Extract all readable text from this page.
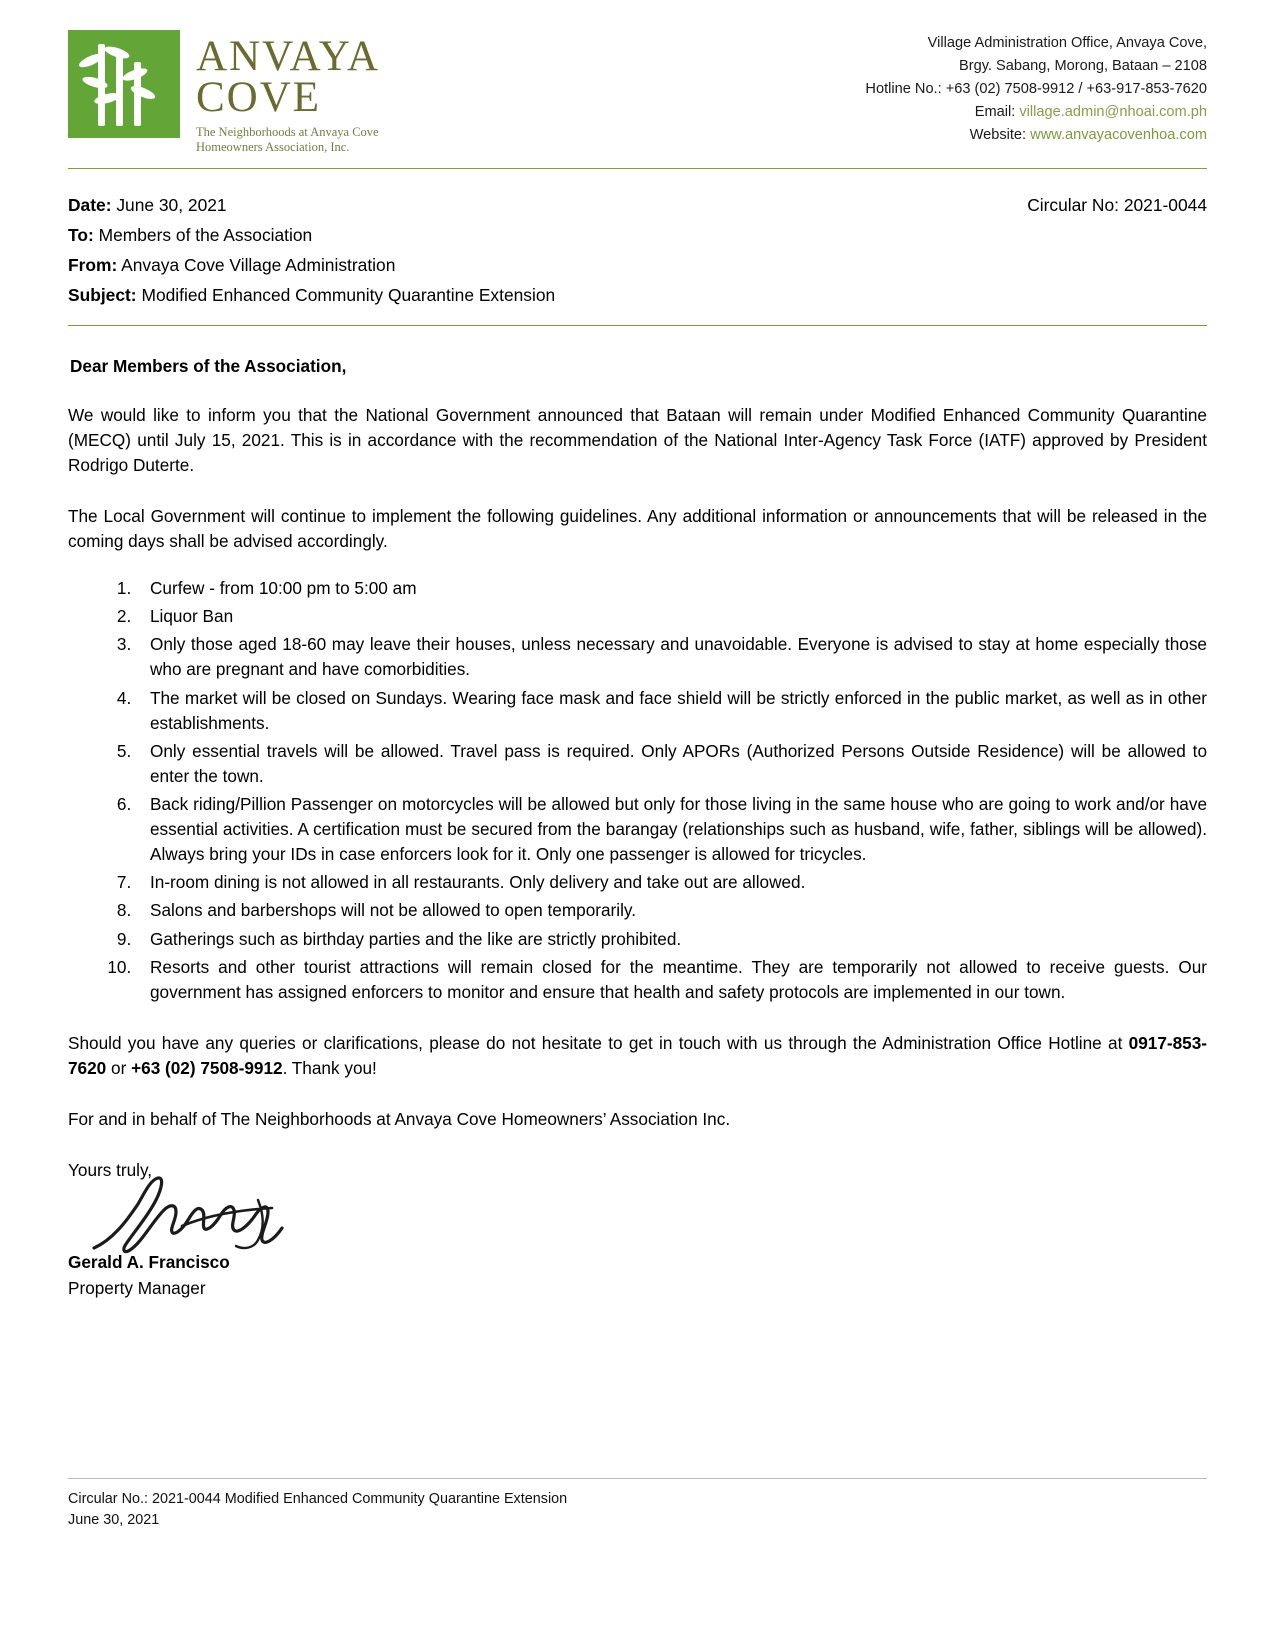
ANVAYA
COVE
The Neighborhoods at Anvaya Cove
Homeowners Association, Inc.
Village Administration Office, Anvaya Cove,
Brgy. Sabang, Morong, Bataan – 2108
Hotline No.: +63 (02) 7508-9912 / +63-917-853-7620
Email: village.admin@nhoai.com.ph
Website: www.anvayacovenhoa.com
Circular No: 2021-0044
Date: June 30, 2021
To: Members of the Association
From: Anvaya Cove Village Administration
Subject: Modified Enhanced Community Quarantine Extension
Dear Members of the Association,

We would like to inform you that the National Government announced that Bataan will remain under Modified Enhanced Community Quarantine (MECQ) until July 15, 2021. This is in accordance with the recommendation of the National Inter-Agency Task Force (IATF) approved by President Rodrigo Duterte.

The Local Government will continue to implement the following guidelines. Any additional information or announcements that will be released in the coming days shall be advised accordingly.

1. Curfew - from 10:00 pm to 5:00 am
2. Liquor Ban
3. Only those aged 18-60 may leave their houses, unless necessary and unavoidable. Everyone is advised to stay at home especially those who are pregnant and have comorbidities.
4. The market will be closed on Sundays. Wearing face mask and face shield will be strictly enforced in the public market, as well as in other establishments.
5. Only essential travels will be allowed. Travel pass is required. Only APORs (Authorized Persons Outside Residence) will be allowed to enter the town.
6. Back riding/Pillion Passenger on motorcycles will be allowed but only for those living in the same house who are going to work and/or have essential activities. A certification must be secured from the barangay (relationships such as husband, wife, father, siblings will be allowed). Always bring your IDs in case enforcers look for it. Only one passenger is allowed for tricycles.
7. In-room dining is not allowed in all restaurants. Only delivery and take out are allowed.
8. Salons and barbershops will not be allowed to open temporarily.
9. Gatherings such as birthday parties and the like are strictly prohibited.
10. Resorts and other tourist attractions will remain closed for the meantime. They are temporarily not allowed to receive guests. Our government has assigned enforcers to monitor and ensure that health and safety protocols are implemented in our town.

Should you have any queries or clarifications, please do not hesitate to get in touch with us through the Administration Office Hotline at 0917-853-7620 or +63 (02) 7508-9912. Thank you!

For and in behalf of The Neighborhoods at Anvaya Cove Homeowners’ Association Inc.

Yours truly,
Gerald A. Francisco
Property Manager
Circular No.: 2021-0044 Modified Enhanced Community Quarantine Extension
June 30, 2021
